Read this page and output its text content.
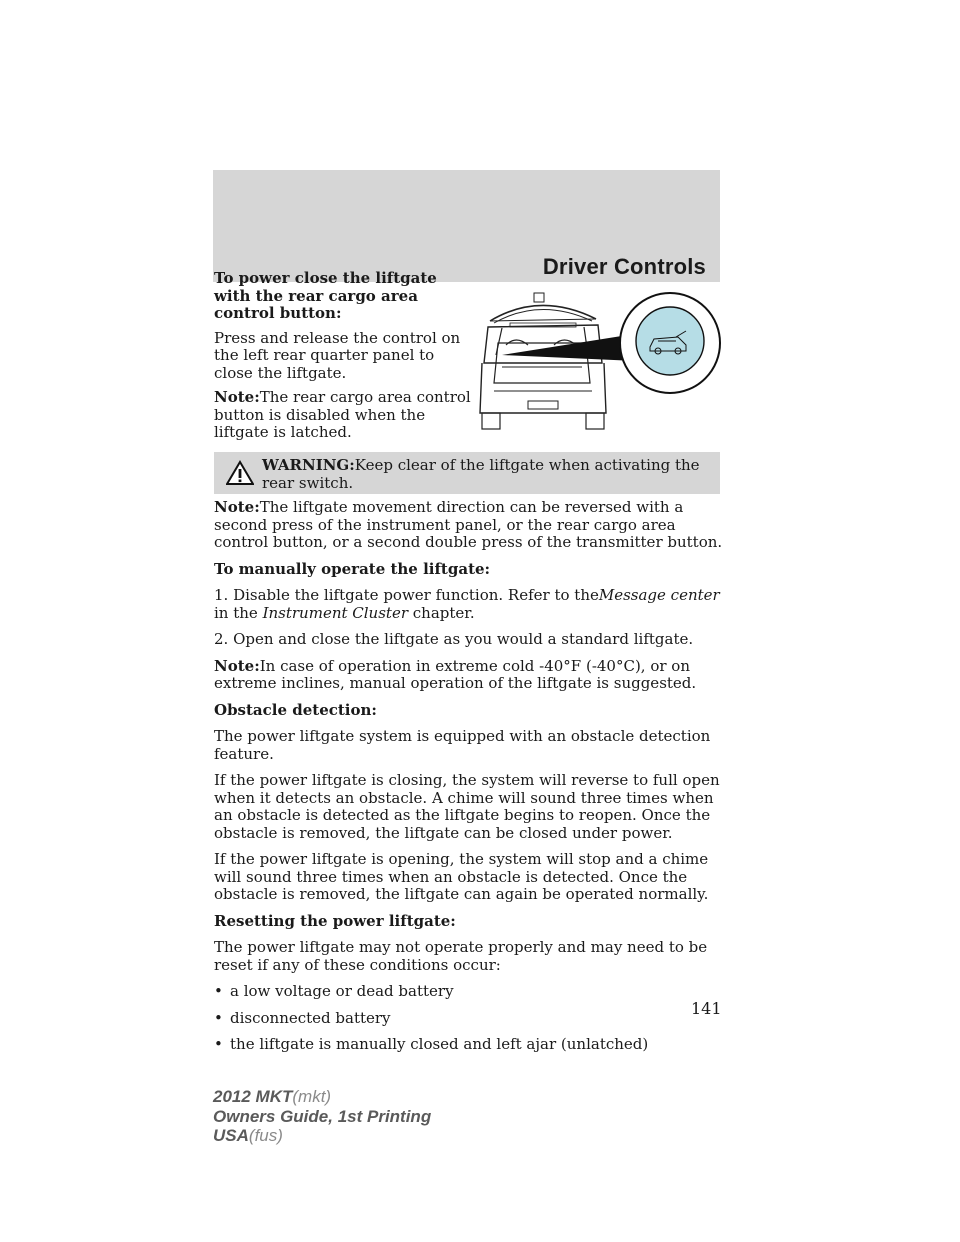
Driver Controls

To power close the liftgate with the rear cargo area control button:

Press and release the control on the left rear quarter panel to close the liftgate.

Note:The rear cargo area control button is disabled when the liftgate is latched.

WARNING:Keep clear of the liftgate when activating the rear switch.

Note:The liftgate movement direction can be reversed with a second press of the instrument panel, or the rear cargo area control button, or a second double press of the transmitter button.

To manually operate the liftgate:

1. Disable the liftgate power function. Refer to theMessage center in the Instrument Cluster chapter.

2. Open and close the liftgate as you would a standard liftgate.

Note:In case of operation in extreme cold -40°F (-40°C), or on extreme inclines, manual operation of the liftgate is suggested.

Obstacle detection:

The power liftgate system is equipped with an obstacle detection feature.

If the power liftgate is closing, the system will reverse to full open when it detects an obstacle. A chime will sound three times when an obstacle is detected as the liftgate begins to reopen. Once the obstacle is removed, the liftgate can be closed under power.

If the power liftgate is opening, the system will stop and a chime will sound three times when an obstacle is detected. Once the obstacle is removed, the liftgate can again be operated normally.

Resetting the power liftgate:

The power liftgate may not operate properly and may need to be reset if any of these conditions occur:

• a low voltage or dead battery
• disconnected battery
• the liftgate is manually closed and left ajar (unlatched)
141
2012 MKT(mkt)
Owners Guide, 1st Printing
USA(fus)
